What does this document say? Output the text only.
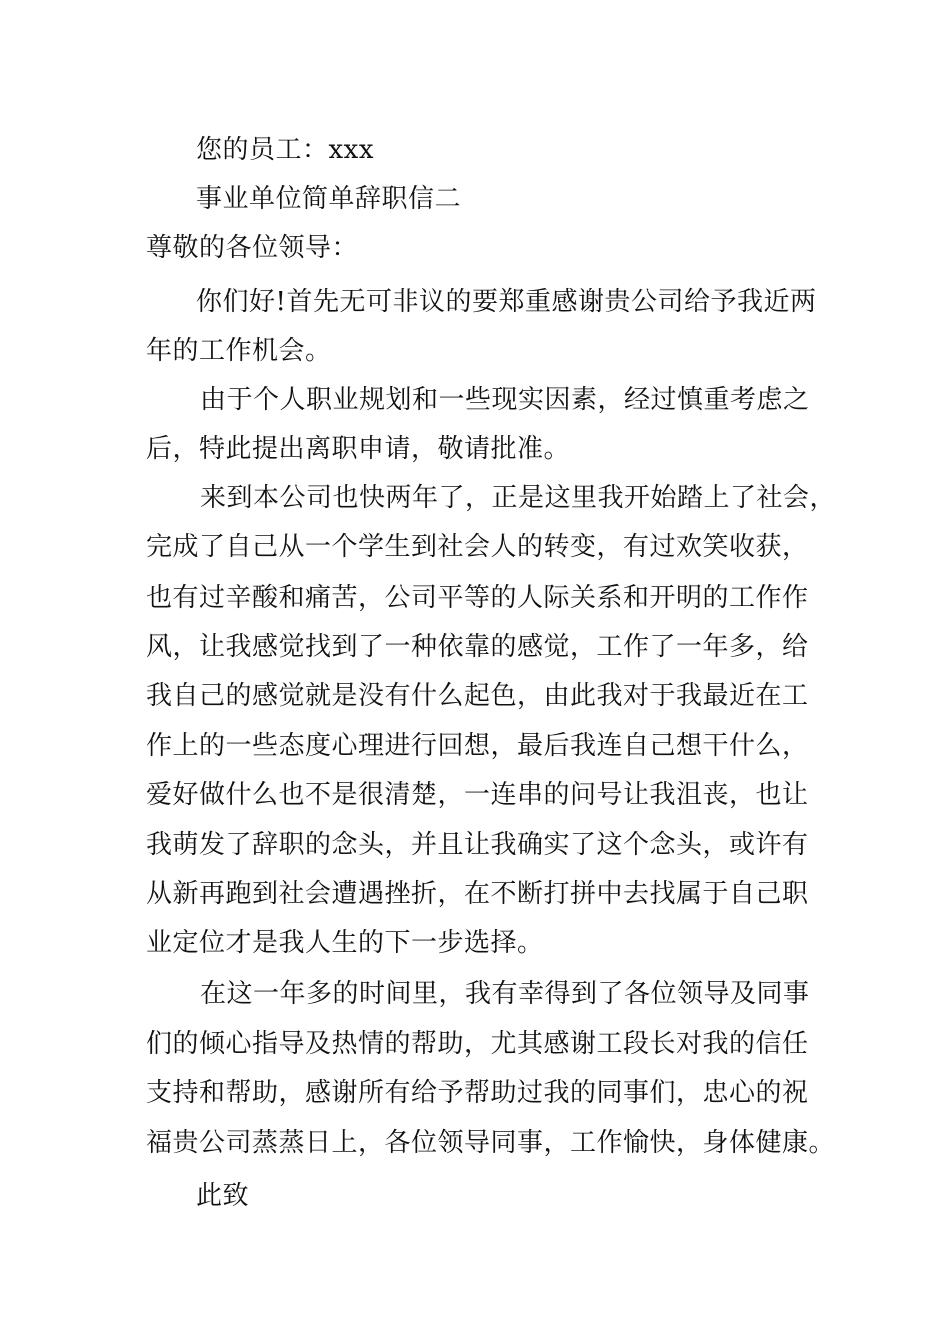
您的员工：xxx
事业单位简单辞职信二
尊敬的各位领导：
你们好!首先无可非议的要郑重感谢贵公司给予我近两
年的工作机会。
由于个人职业规划和一些现实因素，经过慎重考虑之
后，特此提出离职申请，敬请批准。
来到本公司也快两年了，正是这里我开始踏上了社会，
完成了自己从一个学生到社会人的转变，有过欢笑收获，
也有过辛酸和痛苦，公司平等的人际关系和开明的工作作
风，让我感觉找到了一种依靠的感觉，工作了一年多，给
我自己的感觉就是没有什么起色，由此我对于我最近在工
作上的一些态度心理进行回想，最后我连自己想干什么，
爱好做什么也不是很清楚，一连串的问号让我沮丧，也让
我萌发了辞职的念头，并且让我确实了这个念头，或许有
从新再跑到社会遭遇挫折，在不断打拼中去找属于自己职
业定位才是我人生的下一步选择。
在这一年多的时间里，我有幸得到了各位领导及同事
们的倾心指导及热情的帮助，尤其感谢工段长对我的信任
支持和帮助，感谢所有给予帮助过我的同事们，忠心的祝
福贵公司蒸蒸日上，各位领导同事，工作愉快，身体健康。
此致
